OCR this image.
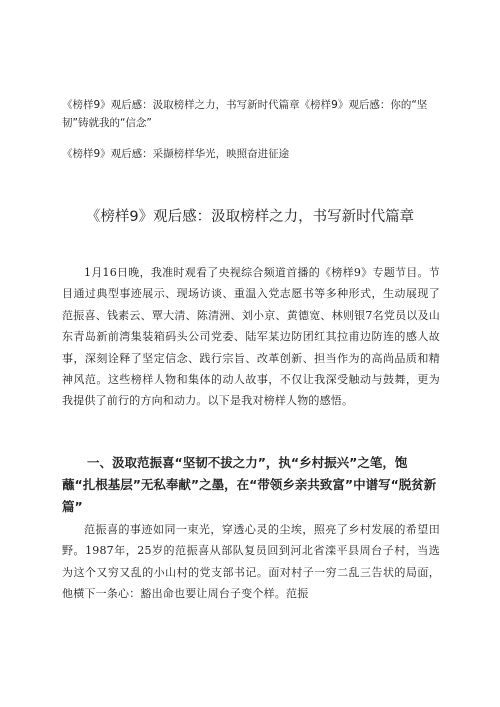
《榜样9》观后感：汲取榜样之力，书写新时代篇章《榜样9》观后感：你的“坚韧”铸就我的“信念”
《榜样9》观后感：采撷榜样华光，映照奋进征途
《榜样9》观后感：汲取榜样之力，书写新时代篇章

1月16日晚，我准时观看了央视综合频道首播的《榜样9》专题节目。节目通过典型事迹展示、现场访谈、重温入党志愿书等多种形式，生动展现了范振喜、钱素云、覃大清、陈清洲、刘小京、黄德宽、林则银7名党员以及山东青岛新前湾集装箱码头公司党委、陆军某边防团红其拉甫边防连的感人故事，深刻诠释了坚定信念、践行宗旨、改革创新、担当作为的高尚品质和精神风范。这些榜样人物和集体的动人故事，不仅让我深受触动与鼓舞，更为我提供了前行的方向和动力。以下是我对榜样人物的感悟。

一、汲取范振喜“坚韧不拔之力”，执“乡村振兴”之笔，饱蘸“扎根基层”无私奉献”之墨，在“带领乡亲共致富”中谱写“脱贫新篇”

范振喜的事迹如同一束光，穿透心灵的尘埃，照亮了乡村发展的希望田野。1987年，25岁的范振喜从部队复员回到河北省滦平县周台子村，当选为这个又穷又乱的小山村的党支部书记。面对村子一穷二乱三告状的局面，他横下一条心：豁出命也要让周台子变个样。范振
